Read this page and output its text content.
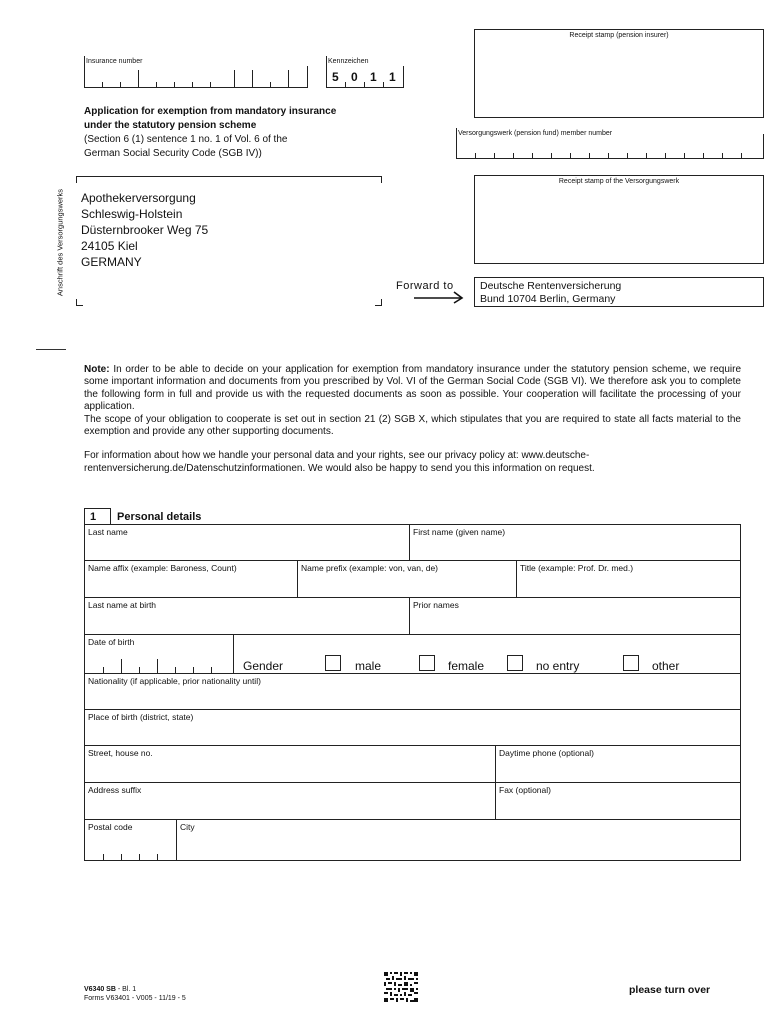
Receipt stamp (pension insurer)
Insurance number	Kennzeichen
5 0 1 1
Application for exemption from mandatory insurance
under the statutory pension scheme
(Section 6 (1) sentence 1 no. 1 of Vol. 6 of the
German Social Security Code (SGB IV))
Versorgungswerk (pension fund) member number
Receipt stamp of the Versorgungswerk
Anschrift des Versorgungswerks Apothekerversorgung
Schleswig-Holstein
Düsternbrooker Weg 75
24105 Kiel
GERMANY
Forward to	Deutsche Rentenversicherung
Bund 10704 Berlin, Germany

Note: In order to be able to decide on your application for exemption from mandatory insurance under the statutory pension scheme, we require some important information and documents from you prescribed by Vol. VI of the German Social Code (SGB VI). We therefore ask you to complete the following form in full and provide us with the requested documents as soon as possible. Your cooperation will facilitate the processing of your application.

The scope of your obligation to cooperate is set out in section 21 (2) SGB X, which stipulates that you are required to state all facts material to the exemption and provide any other supporting documents.

For information about how we handle your personal data and your rights, see our privacy policy at: www.deutsche-rentenversicherung.de/Datenschutzinformationen. We would also be happy to send you this information on request.

1 Personal details
Last name	First name (given name)
Name affix (example: Baroness, Count)	Name prefix (example: von, van, de)	Title (example: Prof. Dr. med.)
Last name at birth	Prior names
Date of birth
Gender	male	female	no entry	other
Nationality (if applicable, prior nationality until)
Place of birth (district, state)
Street, house no.	Daytime phone (optional)
Address suffix	Fax (optional)
Postal code	City
V6340 SB - Bl. 1
Forms V63401 - V005 - 11/19 - 5
please turn over
